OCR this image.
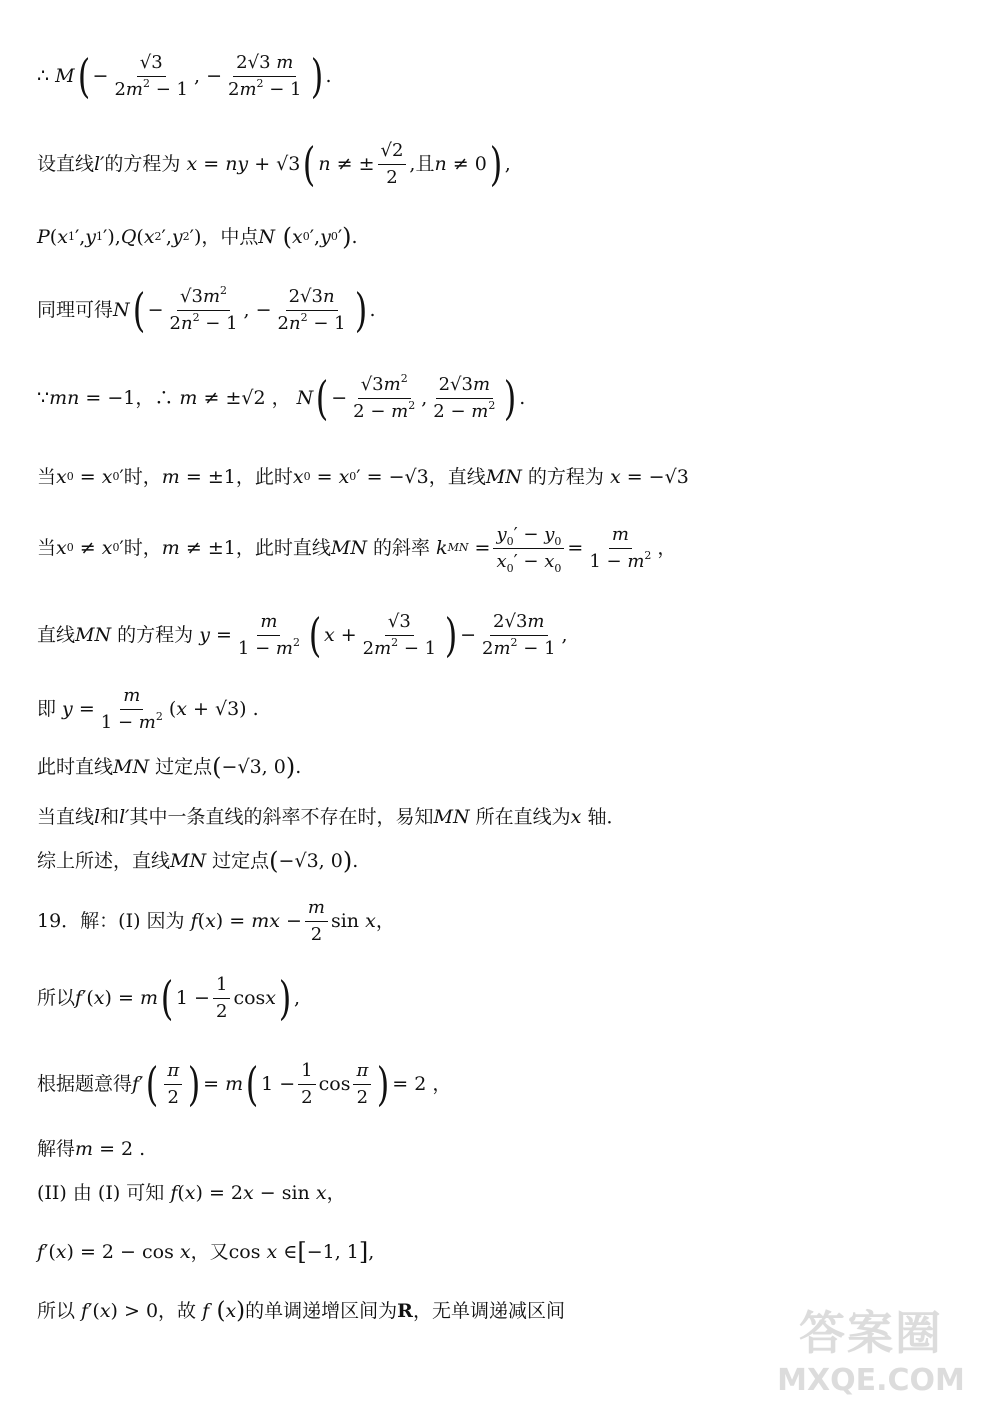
∴ M ( − $\frac{√3}{2m^2 - 1}$ , − $\frac{2√3 m}{2m^2 - 1}$ ) .
设直线 l′ 的方程为 x = ny + √3 ( n ≠ ± $\frac{√2}{2}$ , 且 n ≠ 0 ) ,
P ( x 1 ′, y 1 ′), Q ( x 2 ′, y 2 ′) ，中点 N ( x 0 ′, y 0 ′ ) .
同理可得 N ( − $\frac{√3m^2}{2n^2 - 1}$ , − $\frac{2√3n}{2n^2 - 1}$ ) .
∵ mn = −1 ，∴ m ≠ ±√2 ， N ( − $\frac{√3m^2}{2 - m^2}$ , $\frac{2√3m}{2 - m^2}$ ) .
当 x 0 = x 0 ′ 时， m = ±1 ，此时 x 0 = x 0 ′ = −√3 ，直线 MN
的方程为 x = −√3
当 x 0 ≠ x 0 ′ 时， m ≠ ±1 ，此时直线 MN
的斜率 k MN = $\frac{y_0' - y_0}{x_0' - x_0} = \frac{m}{1 - m^2}$ ，
直线 MN
的方程为 $y = \frac{m}{1 - m^2}$ ( $x + \frac{√3}{2m^2 - 1}$ ) − $\frac{2√3m}{2m^2 - 1}$ ,
即 $y = \frac{m}{1 - m^2}$ ( x + √3) .
此时直线 MN
过定点 ( −√3, 0 ) .
当直线 l 和 l′ 其中一条直线的斜率不存在时，易知 MN
所在直线为 x
轴．
综上所述，直线 MN
过定点 ( −√3, 0 ) .
19．解：(I) 因为 f ( x ) = mx − $\frac{m}{2}$ sin x ，
所以 f ′( x ) = m ( $1 - \frac{1}{2}$ cos x ) ,
根据题意得 f ′ ( $\frac{\pi}{2}$ ) = m ( $1 - \frac{1}{2}$ $\cos \frac{\pi}{2}$ ) = 2 ，
解得 m = 2 .
(II) 由 (I) 可知 f ( x ) = 2 x − sin x ，
f ′( x ) = 2 − cos x ，又 cos x ∈ [ −1, 1 ] ,
所以 f ′( x ) > 0 ，故 f ( x ) 的单调递增区间为 R ，无单调递减区间	答案圈
MXQE.COM
